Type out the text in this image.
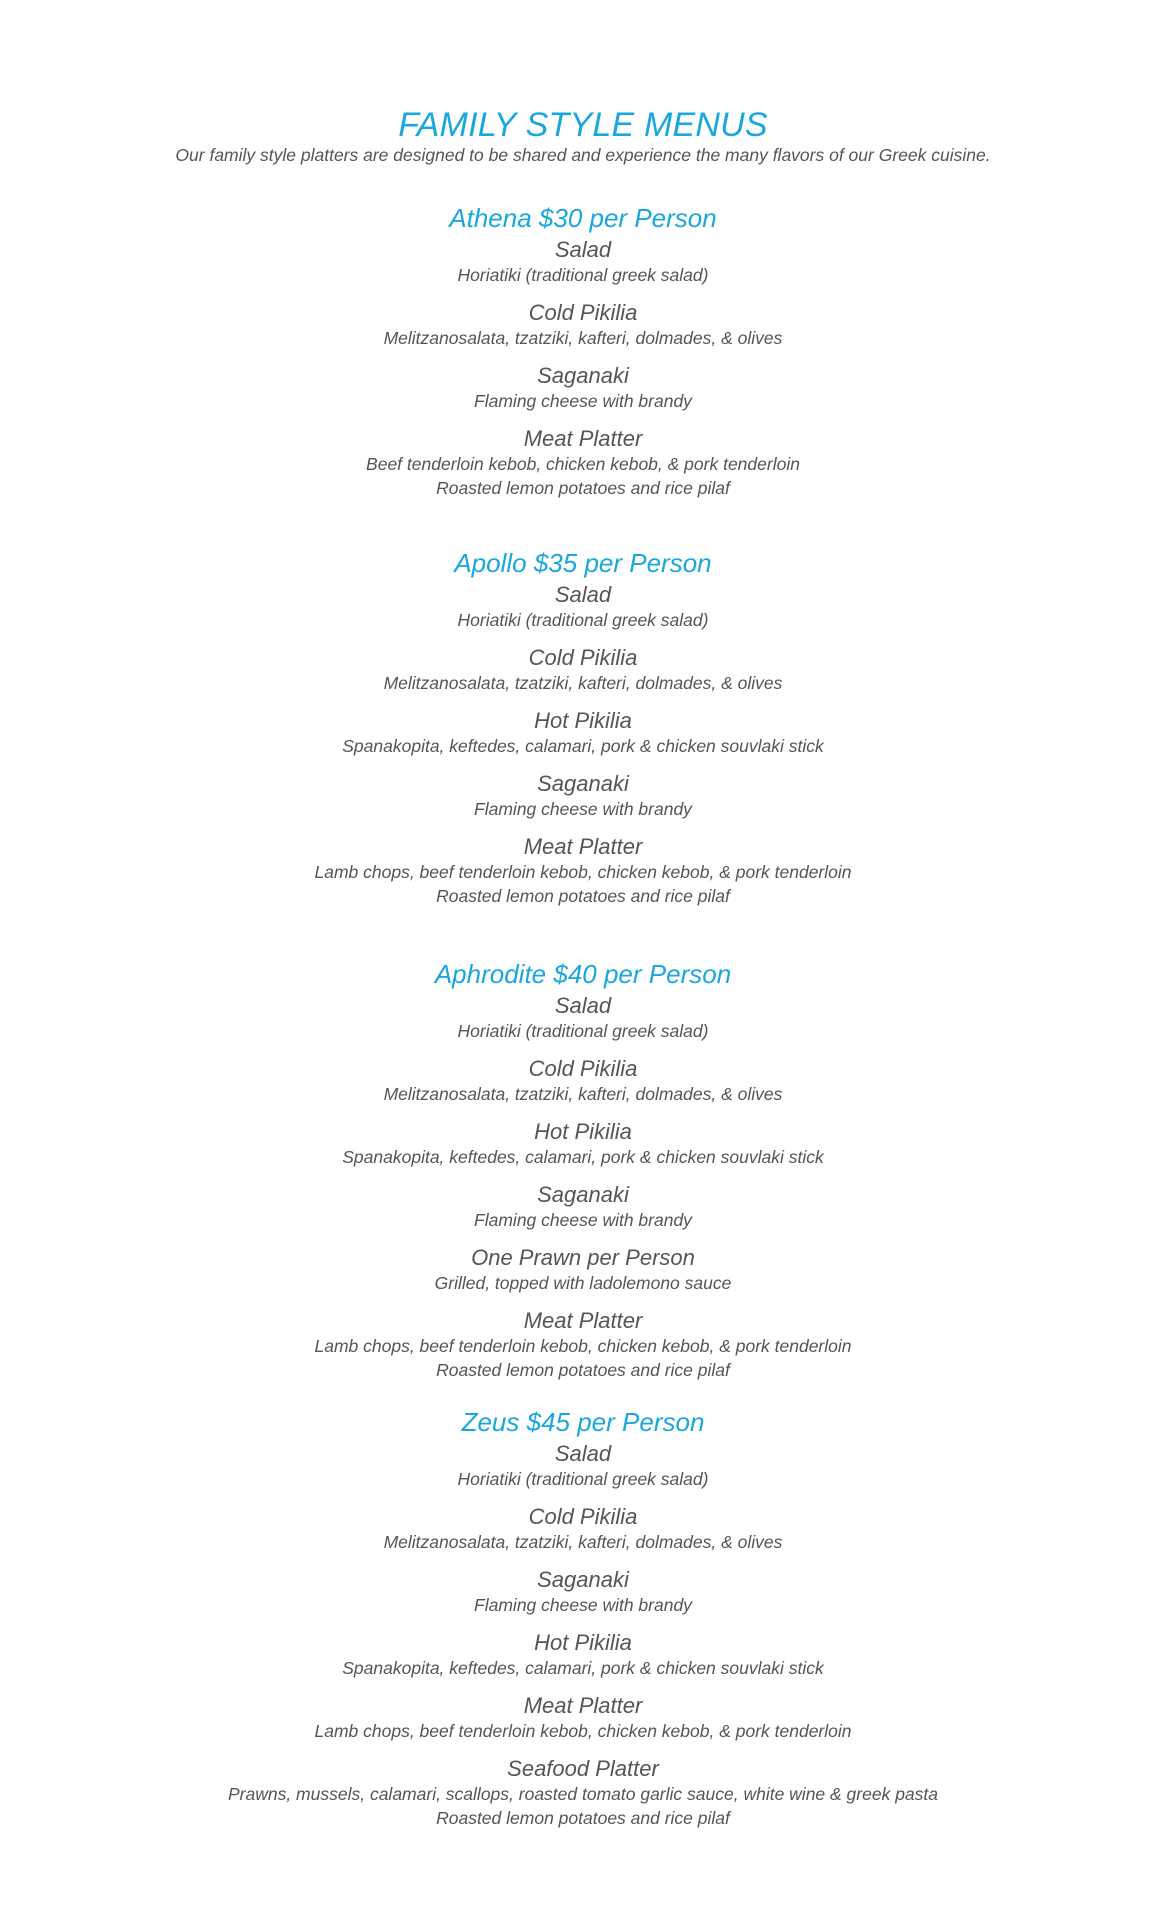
FAMILY STYLE MENUS
Our family style platters are designed to be shared and experience the many flavors of our Greek cuisine.
Athena $30 per Person
Salad
Horiatiki (traditional greek salad)
Cold Pikilia
Melitzanosalata, tzatziki, kafteri, dolmades, & olives
Saganaki
Flaming cheese with brandy
Meat Platter
Beef tenderloin kebob, chicken kebob, & pork tenderloin
Roasted lemon potatoes and rice pilaf
Apollo $35 per Person
Salad
Horiatiki (traditional greek salad)
Cold Pikilia
Melitzanosalata, tzatziki, kafteri, dolmades, & olives
Hot Pikilia
Spanakopita, keftedes, calamari, pork & chicken souvlaki stick
Saganaki
Flaming cheese with brandy
Meat Platter
Lamb chops, beef tenderloin kebob, chicken kebob, & pork tenderloin
Roasted lemon potatoes and rice pilaf
Aphrodite $40 per Person
Salad
Horiatiki (traditional greek salad)
Cold Pikilia
Melitzanosalata, tzatziki, kafteri, dolmades, & olives
Hot Pikilia
Spanakopita, keftedes, calamari, pork & chicken souvlaki stick
Saganaki
Flaming cheese with brandy
One Prawn per Person
Grilled, topped with ladolemono sauce
Meat Platter
Lamb chops, beef tenderloin kebob, chicken kebob, & pork tenderloin
Roasted lemon potatoes and rice pilaf
Zeus $45 per Person
Salad
Horiatiki (traditional greek salad)
Cold Pikilia
Melitzanosalata, tzatziki, kafteri, dolmades, & olives
Saganaki
Flaming cheese with brandy
Hot Pikilia
Spanakopita, keftedes, calamari, pork & chicken souvlaki stick
Meat Platter
Lamb chops, beef tenderloin kebob, chicken kebob, & pork tenderloin
Seafood Platter
Prawns, mussels, calamari, scallops, roasted tomato garlic sauce, white wine & greek pasta
Roasted lemon potatoes and rice pilaf
